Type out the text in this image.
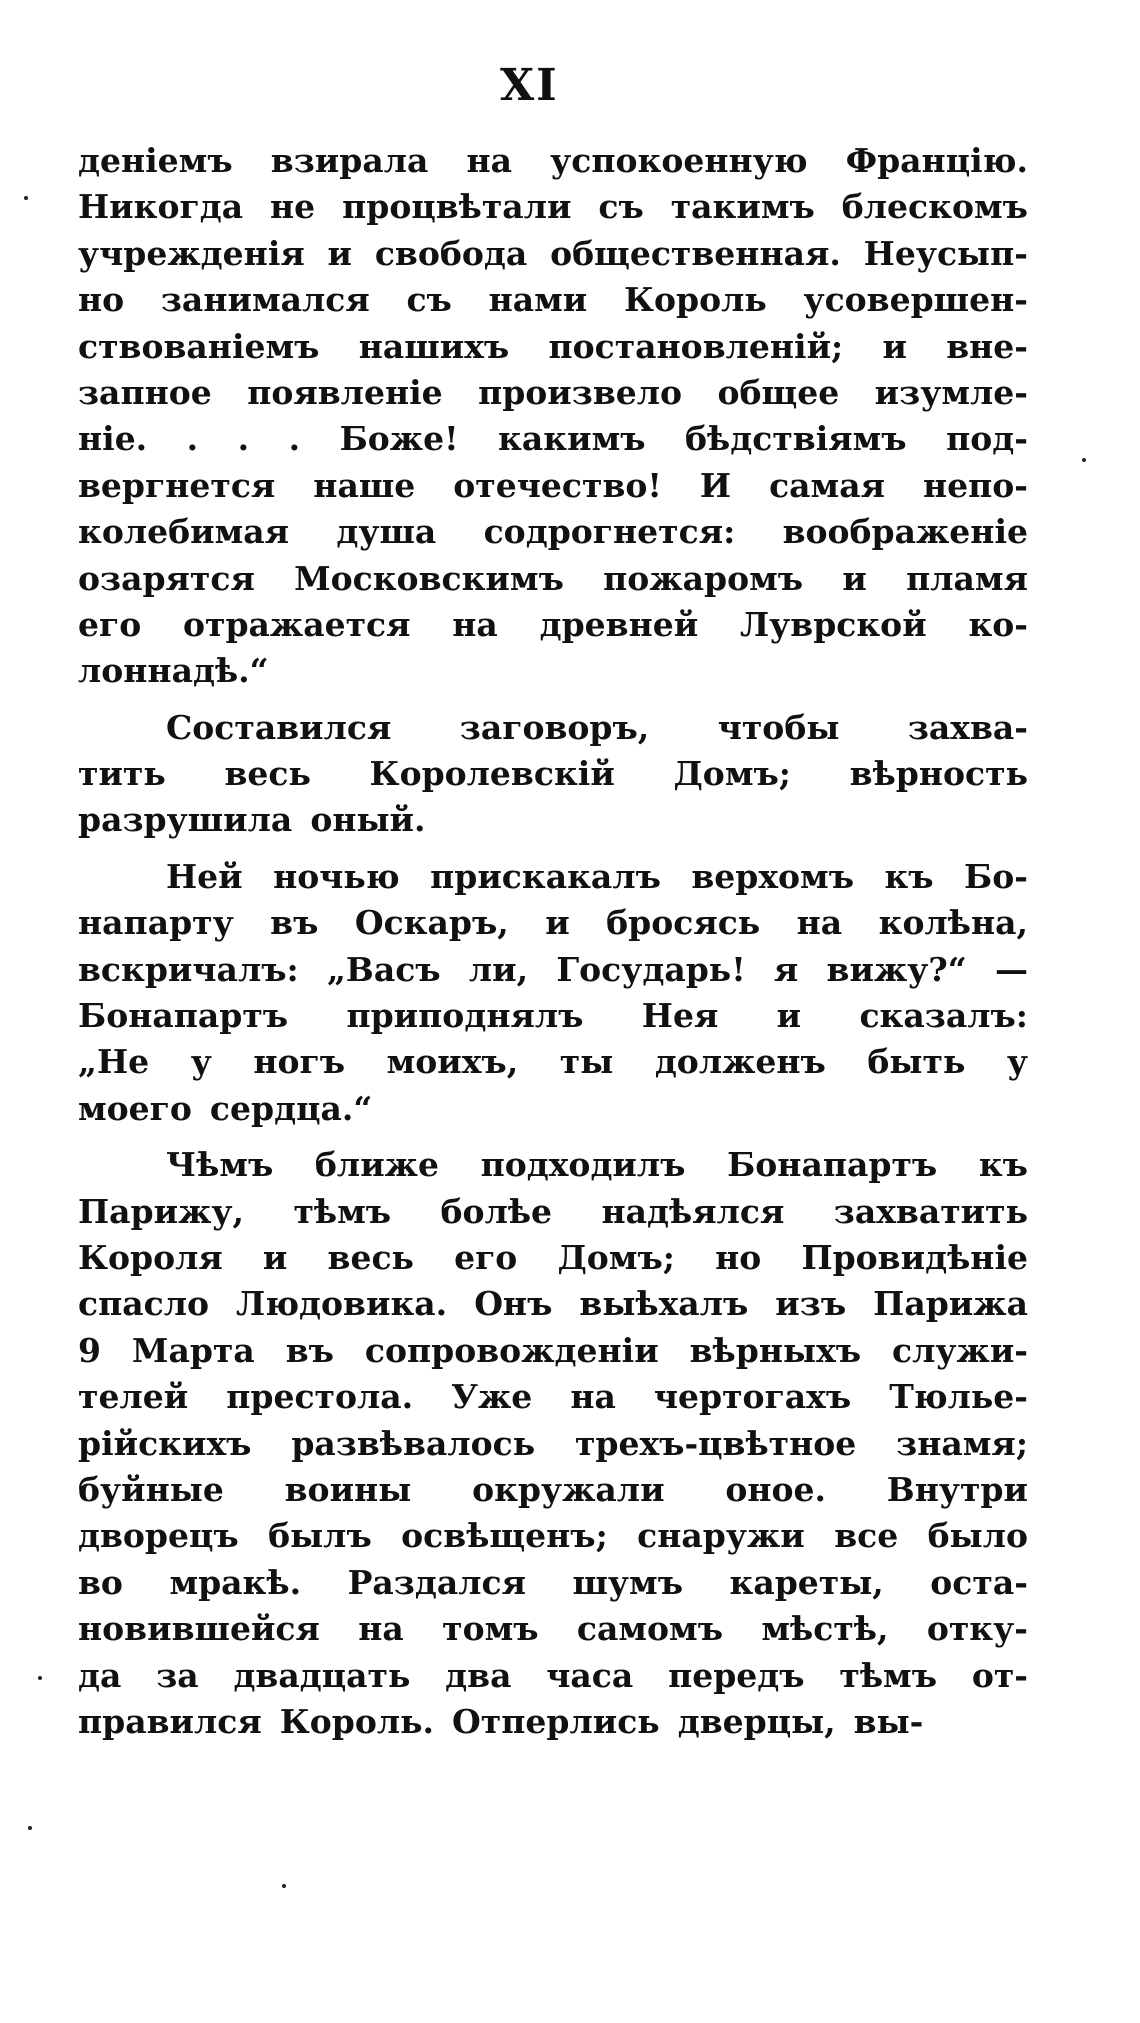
XI
деніемъ взирала на успокоенную Францію.
Никогда не процвѣтали съ такимъ блескомъ
учрежденія и свобода общественная. Неусып-
но занимался съ нами Король усовершен-
ствованіемъ нашихъ постановленій; и вне-
запное появленіе произвело общее изумле-
ніе. . . . Боже! какимъ бѣдствіямъ под-
вергнется наше отечество! И самая непо-
колебимая душа содрогнется: воображеніе
озарятся Московскимъ пожаромъ и пламя
его отражается на древней Луврской ко-
лоннадѣ.“
Составился заговоръ, чтобы захва-
тить весь Королевскій Домъ; вѣрность
разрушила оный.
Ней ночью прискакалъ верхомъ къ Бо-
напарту въ Оскаръ, и бросясь на колѣна,
вскричалъ: „Васъ ли, Государь! я вижу?“ —
Бонапартъ приподнялъ Нея и сказалъ:
„Не у ногъ моихъ, ты долженъ быть у
моего сердца.“
Чѣмъ ближе подходилъ Бонапартъ къ
Парижу, тѣмъ болѣе надѣялся захватить
Короля и весь его Домъ; но Провидѣніе
спасло Людовика. Онъ выѣхалъ изъ Парижа
9 Марта въ сопровожденіи вѣрныхъ служи-
телей престола. Уже на чертогахъ Тюлье-
рійскихъ развѣвалось трехъ-цвѣтное знамя;
буйные воины окружали оное. Внутри
дворецъ былъ освѣщенъ; снаружи все было
во мракѣ. Раздался шумъ кареты, оста-
новившейся на томъ самомъ мѣстѣ, отку-
да за двадцать два часа передъ тѣмъ от-
правился Король. Отперлись дверцы, вы-
